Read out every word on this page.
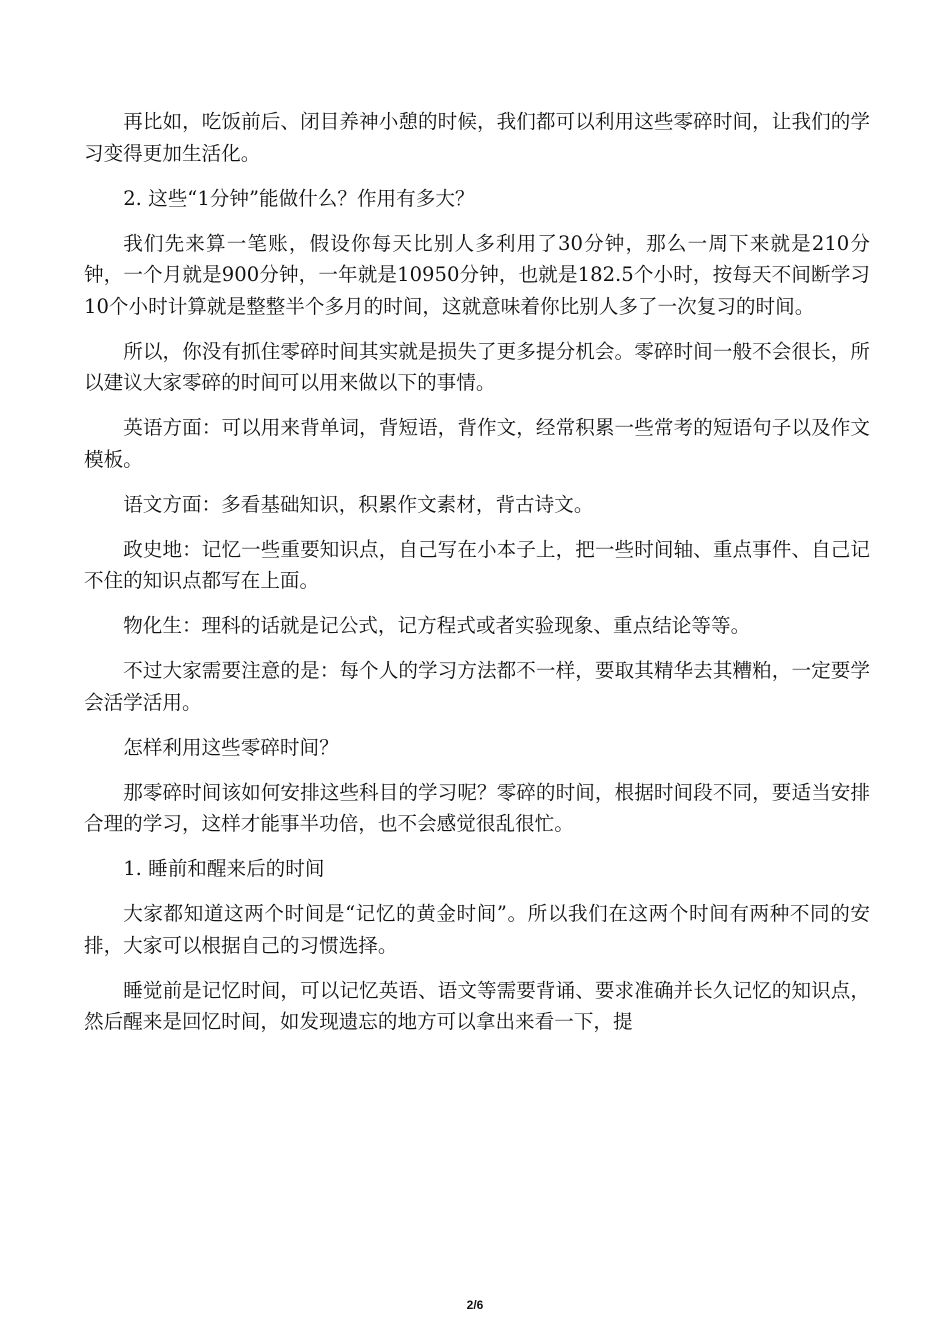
再比如，吃饭前后、闭目养神小憩的时候，我们都可以利用这些零碎时间，让我们的学习变得更加生活化。

2. 这些“1分钟”能做什么？作用有多大？

我们先来算一笔账，假设你每天比别人多利用了30分钟，那么一周下来就是210分钟，一个月就是900分钟，一年就是10950分钟，也就是182.5个小时，按每天不间断学习10个小时计算就是整整半个多月的时间，这就意味着你比别人多了一次复习的时间。

所以，你没有抓住零碎时间其实就是损失了更多提分机会。零碎时间一般不会很长，所以建议大家零碎的时间可以用来做以下的事情。

英语方面：可以用来背单词，背短语，背作文，经常积累一些常考的短语句子以及作文模板。

语文方面：多看基础知识，积累作文素材，背古诗文。

政史地：记忆一些重要知识点，自己写在小本子上，把一些时间轴、重点事件、自己记不住的知识点都写在上面。

物化生：理科的话就是记公式，记方程式或者实验现象、重点结论等等。

不过大家需要注意的是：每个人的学习方法都不一样，要取其精华去其糟粕，一定要学会活学活用。

怎样利用这些零碎时间？

那零碎时间该如何安排这些科目的学习呢？零碎的时间，根据时间段不同，要适当安排合理的学习，这样才能事半功倍，也不会感觉很乱很忙。

1. 睡前和醒来后的时间

大家都知道这两个时间是“记忆的黄金时间”。所以我们在这两个时间有两种不同的安排，大家可以根据自己的习惯选择。

睡觉前是记忆时间，可以记忆英语、语文等需要背诵、要求准确并长久记忆的知识点，然后醒来是回忆时间，如发现遗忘的地方可以拿出来看一下，提

2/6
